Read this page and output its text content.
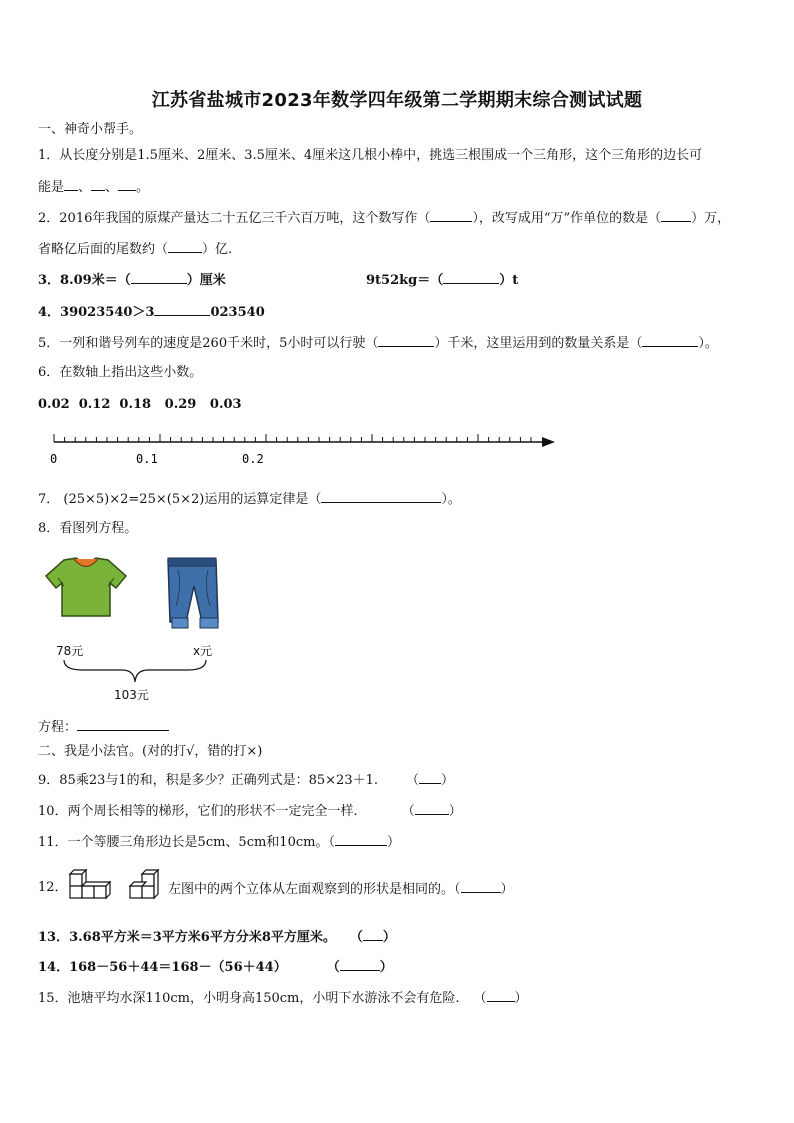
江苏省盐城市2023年数学四年级第二学期期末综合测试试题
一、神奇小帮手。
1．从长度分别是1.5厘米、2厘米、3.5厘米、4厘米这几根小棒中，挑选三根围成一个三角形，这个三角形的边长可
能是 、 、 。
2．2016年我国的原煤产量达二十五亿三千六百万吨，这个数写作（	），改写成用“万”作单位的数是（ ）万，
省略亿后面的尾数约（	）亿.
3．8.09米＝（	）厘米	9t52kg＝（	）t
4．39023540＞3	023540
5．一列和谐号列车的速度是260千米时，5小时可以行驶（	）千米，这里运用到的数量关系是（	）。
6．在数轴上指出这些小数。
0.02  0.12  0.18   0.29   0.03
0	0.1	0.2
7． (25×5)×2=25×(5×2)运用的运算定律是（	）。
8．看图列方程。
78元	x元
103元
方程：
二、我是小法官。(对的打√，错的打×)
9．85乘23与1的和，积是多少？正确列式是：85×23＋1. （ ）
10．两个周长相等的梯形，它们的形状不一定完全一样.	（	）
11．一个等腰三角形边长是5cm、5cm和10cm。（	）
12．	左图中的两个立体从左面观察到的形状是相同的。（	）
13．3.68平方米＝3平方米6平方分米8平方厘米。 （ ）
14．168－56＋44＝168－（56＋44）	（	）
15．池塘平均水深110cm，小明身高150cm，小明下水游泳不会有危险. （ ）
